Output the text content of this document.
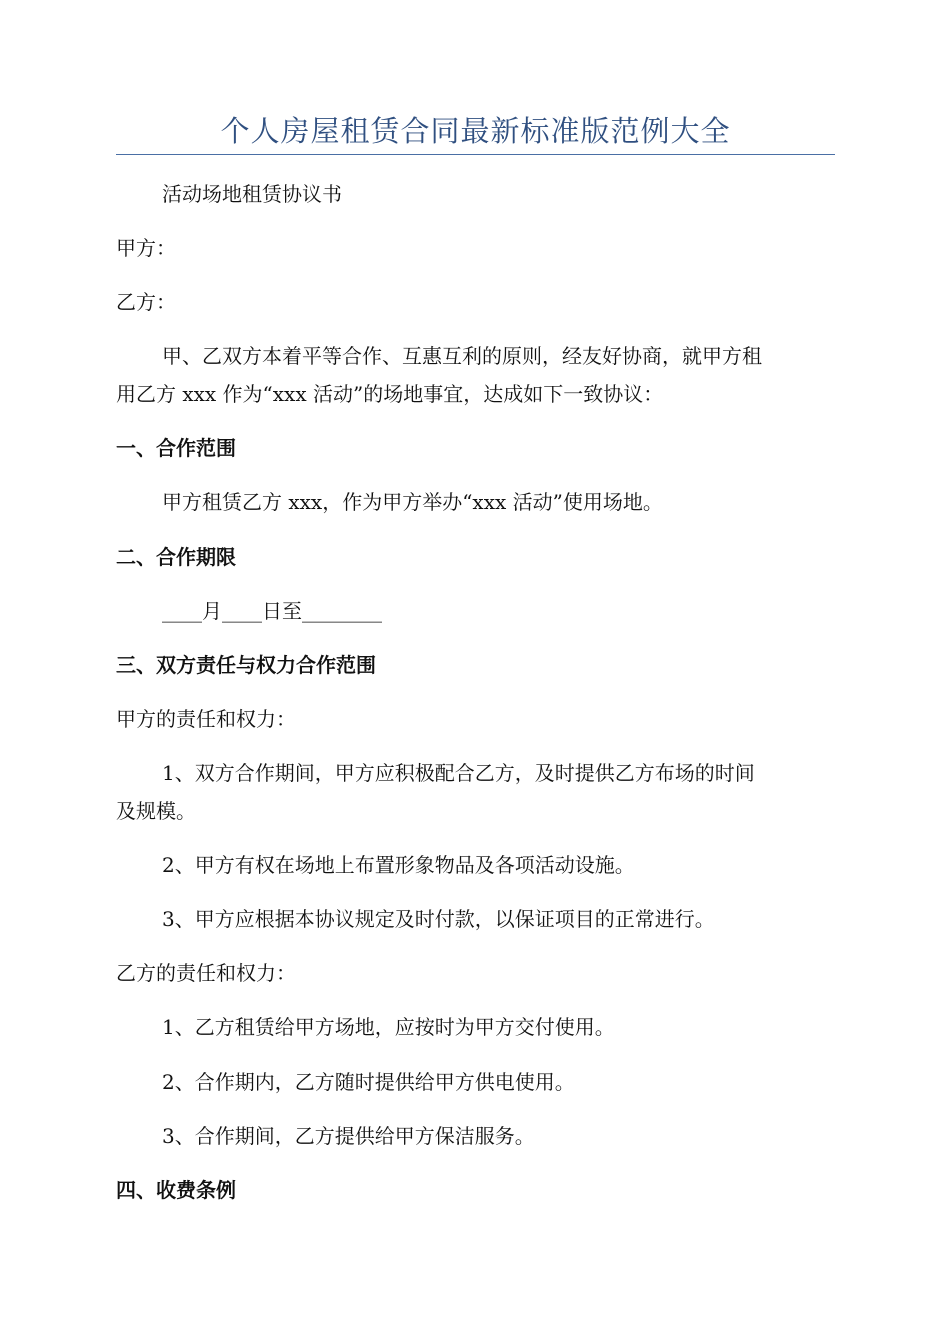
个人房屋租赁合同最新标准版范例大全
活动场地租赁协议书
甲方：
乙方：
甲、乙双方本着平等合作、互惠互利的原则，经友好协商，就甲方租
用乙方 xxx 作为“xxx 活动”的场地事宜，达成如下一致协议：
一、合作范围
甲方租赁乙方 xxx，作为甲方举办“xxx 活动”使用场地。
二、合作期限
____月____日至________
三、双方责任与权力合作范围
甲方的责任和权力：
1、双方合作期间，甲方应积极配合乙方，及时提供乙方布场的时间
及规模。
2、甲方有权在场地上布置形象物品及各项活动设施。
3、甲方应根据本协议规定及时付款，以保证项目的正常进行。
乙方的责任和权力：
1、乙方租赁给甲方场地，应按时为甲方交付使用。
2、合作期内，乙方随时提供给甲方供电使用。
3、合作期间，乙方提供给甲方保洁服务。
四、收费条例
